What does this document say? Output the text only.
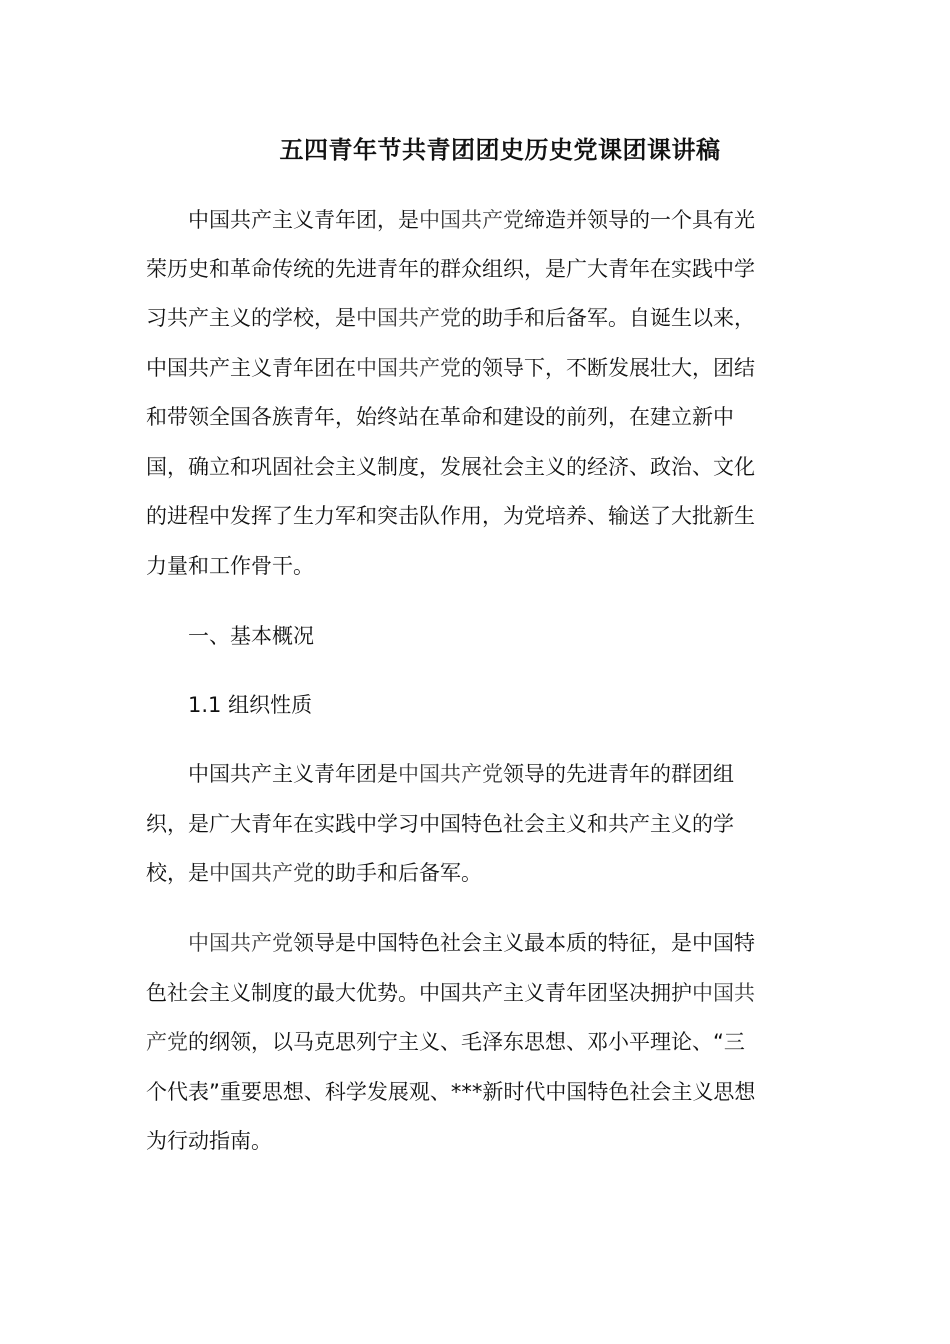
五四青年节共青团团史历史党课团课讲稿
中国共产主义青年团，是中国共产党缔造并领导的一个具有光
荣历史和革命传统的先进青年的群众组织，是广大青年在实践中学
习共产主义的学校，是中国共产党的助手和后备军。自诞生以来，
中国共产主义青年团在中国共产党的领导下，不断发展壮大，团结
和带领全国各族青年，始终站在革命和建设的前列，在建立新中
国，确立和巩固社会主义制度，发展社会主义的经济、政治、文化
的进程中发挥了生力军和突击队作用，为党培养、输送了大批新生
力量和工作骨干。
一、基本概况
1.1 组织性质
中国共产主义青年团是中国共产党领导的先进青年的群团组
织，是广大青年在实践中学习中国特色社会主义和共产主义的学
校，是中国共产党的助手和后备军。
中国共产党领导是中国特色社会主义最本质的特征，是中国特
色社会主义制度的最大优势。中国共产主义青年团坚决拥护中国共
产党的纲领，以马克思列宁主义、毛泽东思想、邓小平理论、“三
个代表”重要思想、科学发展观、***新时代中国特色社会主义思想
为行动指南。
